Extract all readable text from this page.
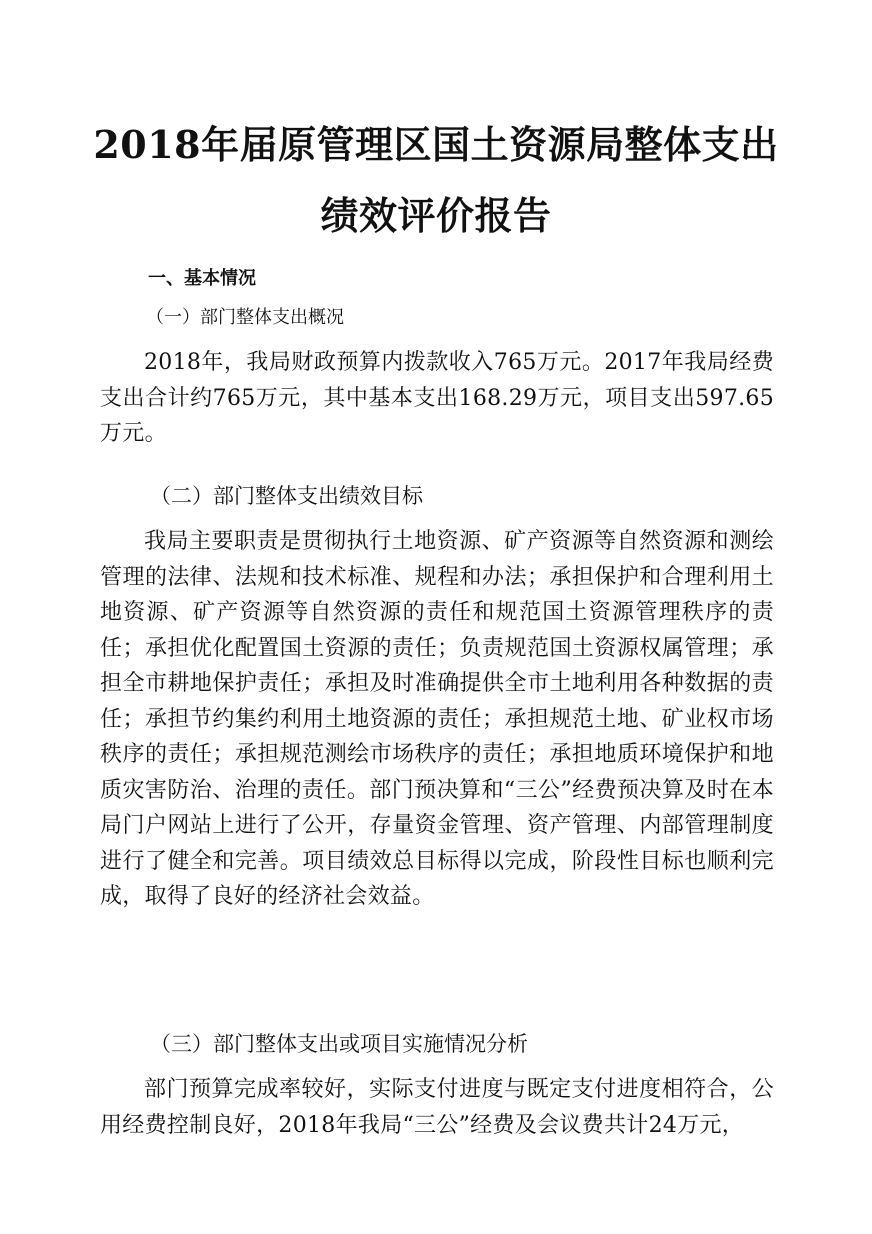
2018年届原管理区国土资源局整体支出
绩效评价报告
一、基本情况
（一）部门整体支出概况

2018年，我局财政预算内拨款收入765万元。2017年我局经费支出合计约765万元，其中基本支出168.29万元，项目支出597.65万元。

（二）部门整体支出绩效目标

我局主要职责是贯彻执行土地资源、矿产资源等自然资源和测绘管理的法律、法规和技术标准、规程和办法；承担保护和合理利用土地资源、矿产资源等自然资源的责任和规范国土资源管理秩序的责任；承担优化配置国土资源的责任；负责规范国土资源权属管理；承担全市耕地保护责任；承担及时准确提供全市土地利用各种数据的责任；承担节约集约利用土地资源的责任；承担规范土地、矿业权市场秩序的责任；承担规范测绘市场秩序的责任；承担地质环境保护和地质灾害防治、治理的责任。部门预决算和“三公”经费预决算及时在本局门户网站上进行了公开，存量资金管理、资产管理、内部管理制度进行了健全和完善。项目绩效总目标得以完成，阶段性目标也顺利完成，取得了良好的经济社会效益。

（三）部门整体支出或项目实施情况分析

部门预算完成率较好，实际支付进度与既定支付进度相符合，公用经费控制良好，2018年我局“三公”经费及会议费共计24万元，
